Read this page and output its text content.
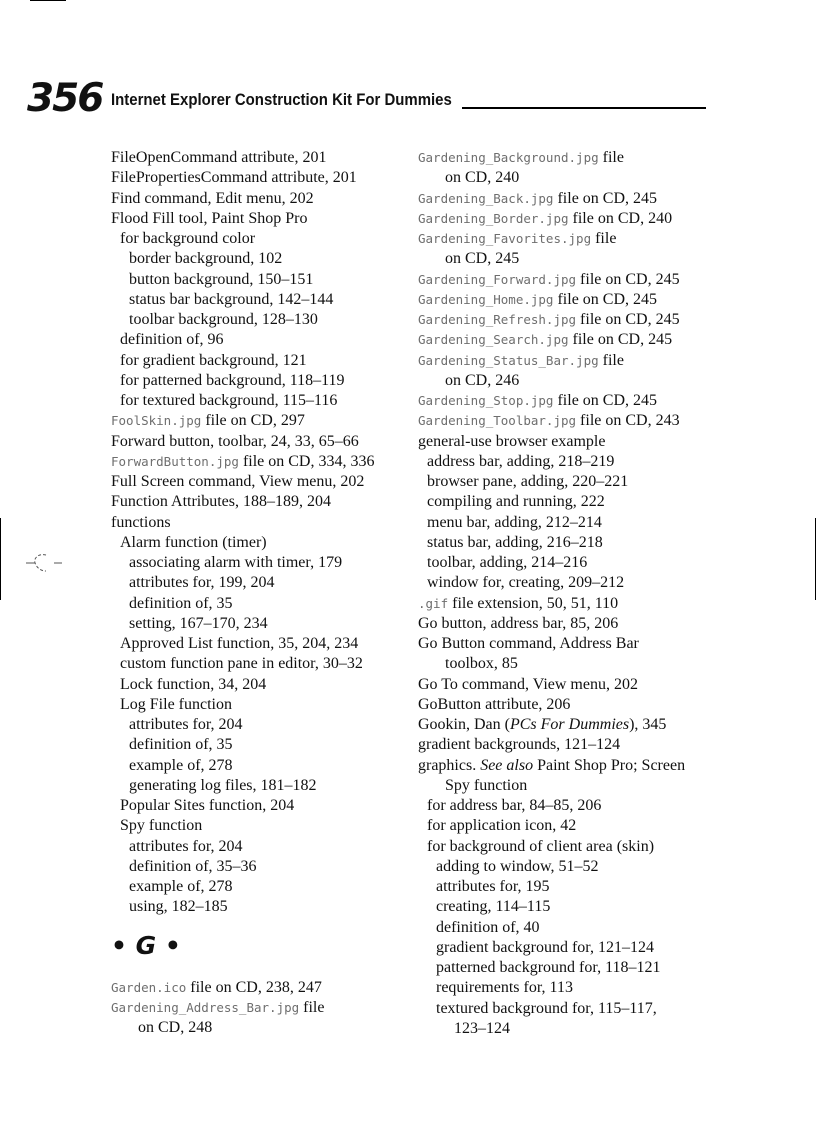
356 Internet Explorer Construction Kit For Dummies
FileOpenCommand attribute, 201
FilePropertiesCommand attribute, 201
Find command, Edit menu, 202
Flood Fill tool, Paint Shop Pro
for background color
border background, 102
button background, 150–151
status bar background, 142–144
toolbar background, 128–130
definition of, 96
for gradient background, 121
for patterned background, 118–119
for textured background, 115–116
FoolSkin.jpg file on CD, 297
Forward button, toolbar, 24, 33, 65–66
ForwardButton.jpg file on CD, 334, 336
Full Screen command, View menu, 202
Function Attributes, 188–189, 204
functions
Alarm function (timer)
associating alarm with timer, 179
attributes for, 199, 204
definition of, 35
setting, 167–170, 234
Approved List function, 35, 204, 234
custom function pane in editor, 30–32
Lock function, 34, 204
Log File function
attributes for, 204
definition of, 35
example of, 278
generating log files, 181–182
Popular Sites function, 204
Spy function
attributes for, 204
definition of, 35–36
example of, 278
using, 182–185
• G •
Garden.ico file on CD, 238, 247
Gardening_Address_Bar.jpg file
on CD, 248
Gardening_Background.jpg file
on CD, 240
Gardening_Back.jpg file on CD, 245
Gardening_Border.jpg file on CD, 240
Gardening_Favorites.jpg file
on CD, 245
Gardening_Forward.jpg file on CD, 245
Gardening_Home.jpg file on CD, 245
Gardening_Refresh.jpg file on CD, 245
Gardening_Search.jpg file on CD, 245
Gardening_Status_Bar.jpg file
on CD, 246
Gardening_Stop.jpg file on CD, 245
Gardening_Toolbar.jpg file on CD, 243
general-use browser example
address bar, adding, 218–219
browser pane, adding, 220–221
compiling and running, 222
menu bar, adding, 212–214
status bar, adding, 216–218
toolbar, adding, 214–216
window for, creating, 209–212
.gif file extension, 50, 51, 110
Go button, address bar, 85, 206
Go Button command, Address Bar
toolbox, 85
Go To command, View menu, 202
GoButton attribute, 206
Gookin, Dan (PCs For Dummies), 345
gradient backgrounds, 121–124
graphics. See also Paint Shop Pro; Screen
Spy function
for address bar, 84–85, 206
for application icon, 42
for background of client area (skin)
adding to window, 51–52
attributes for, 195
creating, 114–115
definition of, 40
gradient background for, 121–124
patterned background for, 118–121
requirements for, 113
textured background for, 115–117,
123–124
